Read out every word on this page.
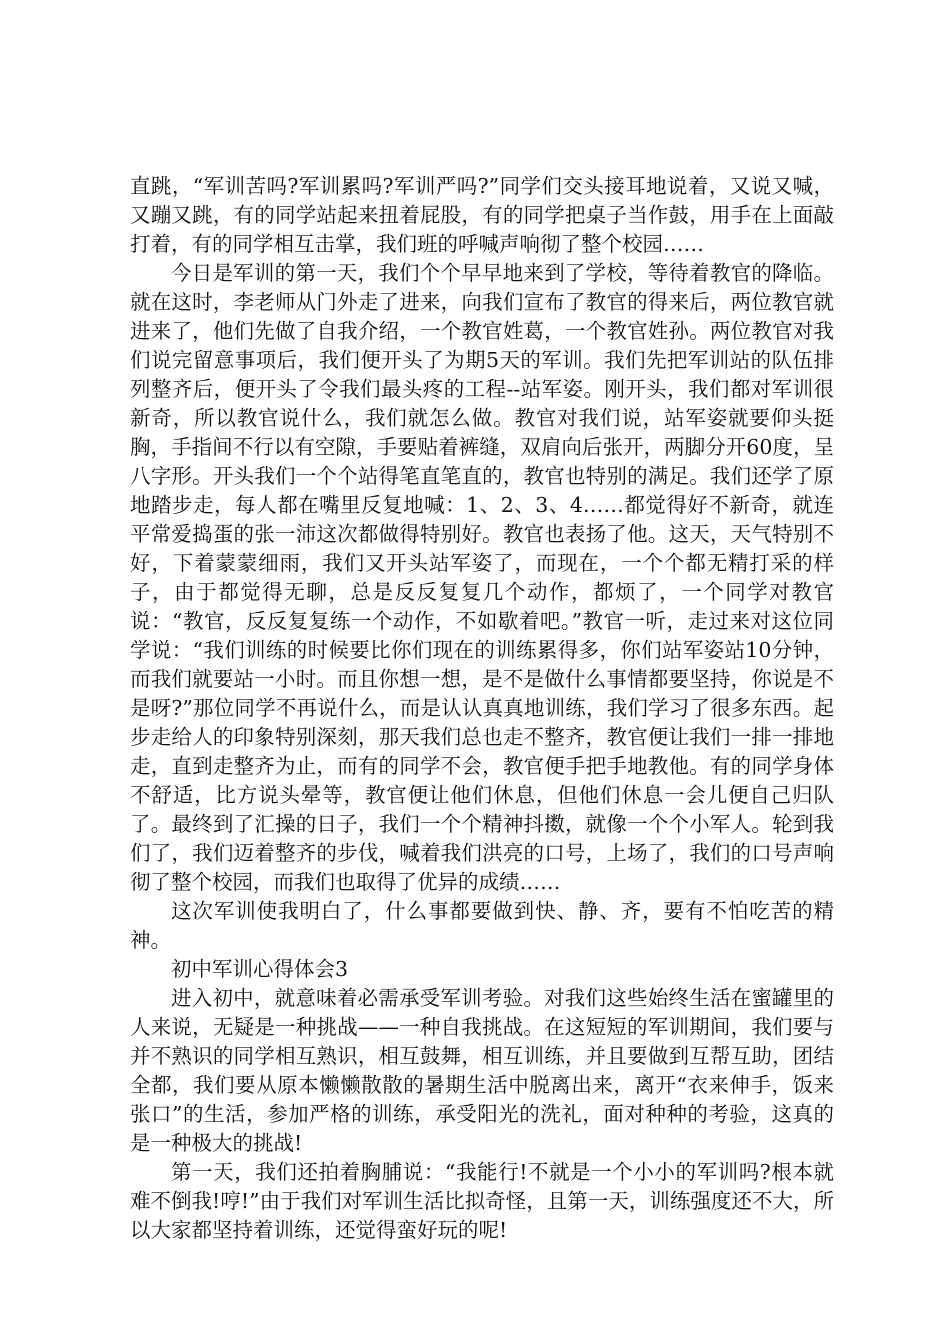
直跳，“军训苦吗?军训累吗?军训严吗?”同学们交头接耳地说着，又说又喊，又蹦又跳，有的同学站起来扭着屁股，有的同学把桌子当作鼓，用手在上面敲打着，有的同学相互击掌，我们班的呼喊声响彻了整个校园……

今日是军训的第一天，我们个个早早地来到了学校，等待着教官的降临。就在这时，李老师从门外走了进来，向我们宣布了教官的得来后，两位教官就进来了，他们先做了自我介绍，一个教官姓葛，一个教官姓孙。两位教官对我们说完留意事项后，我们便开头了为期5天的军训。我们先把军训站的队伍排列整齐后，便开头了令我们最头疼的工程--站军姿。刚开头，我们都对军训很新奇，所以教官说什么，我们就怎么做。教官对我们说，站军姿就要仰头挺胸，手指间不行以有空隙，手要贴着裤缝，双肩向后张开，两脚分开60度，呈八字形。开头我们一个个站得笔直笔直的，教官也特别的满足。我们还学了原地踏步走，每人都在嘴里反复地喊：1、2、3、4……都觉得好不新奇，就连平常爱捣蛋的张一沛这次都做得特别好。教官也表扬了他。这天，天气特别不好，下着蒙蒙细雨，我们又开头站军姿了，而现在，一个个都无精打采的样子，由于都觉得无聊，总是反反复复几个动作，都烦了，一个同学对教官说：“教官，反反复复练一个动作，不如歇着吧。”教官一听，走过来对这位同学说：“我们训练的时候要比你们现在的训练累得多，你们站军姿站10分钟，而我们就要站一小时。而且你想一想，是不是做什么事情都要坚持，你说是不是呀?”那位同学不再说什么，而是认认真真地训练，我们学习了很多东西。起步走给人的印象特别深刻，那天我们总也走不整齐，教官便让我们一排一排地走，直到走整齐为止，而有的同学不会，教官便手把手地教他。有的同学身体不舒适，比方说头晕等，教官便让他们休息，但他们休息一会儿便自己归队了。最终到了汇操的日子，我们一个个精神抖擞，就像一个个小军人。轮到我们了，我们迈着整齐的步伐，喊着我们洪亮的口号，上场了，我们的口号声响彻了整个校园，而我们也取得了优异的成绩……

这次军训使我明白了，什么事都要做到快、静、齐，要有不怕吃苦的精神。

初中军训心得体会3

进入初中，就意味着必需承受军训考验。对我们这些始终生活在蜜罐里的人来说，无疑是一种挑战——一种自我挑战。在这短短的军训期间，我们要与并不熟识的同学相互熟识，相互鼓舞，相互训练，并且要做到互帮互助，团结全都，我们要从原本懒懒散散的暑期生活中脱离出来，离开“衣来伸手，饭来张口”的生活，参加严格的训练，承受阳光的洗礼，面对种种的考验，这真的是一种极大的挑战!

第一天，我们还拍着胸脯说：“我能行!不就是一个小小的军训吗?根本就难不倒我!哼!”由于我们对军训生活比拟奇怪，且第一天，训练强度还不大，所以大家都坚持着训练，还觉得蛮好玩的呢!
